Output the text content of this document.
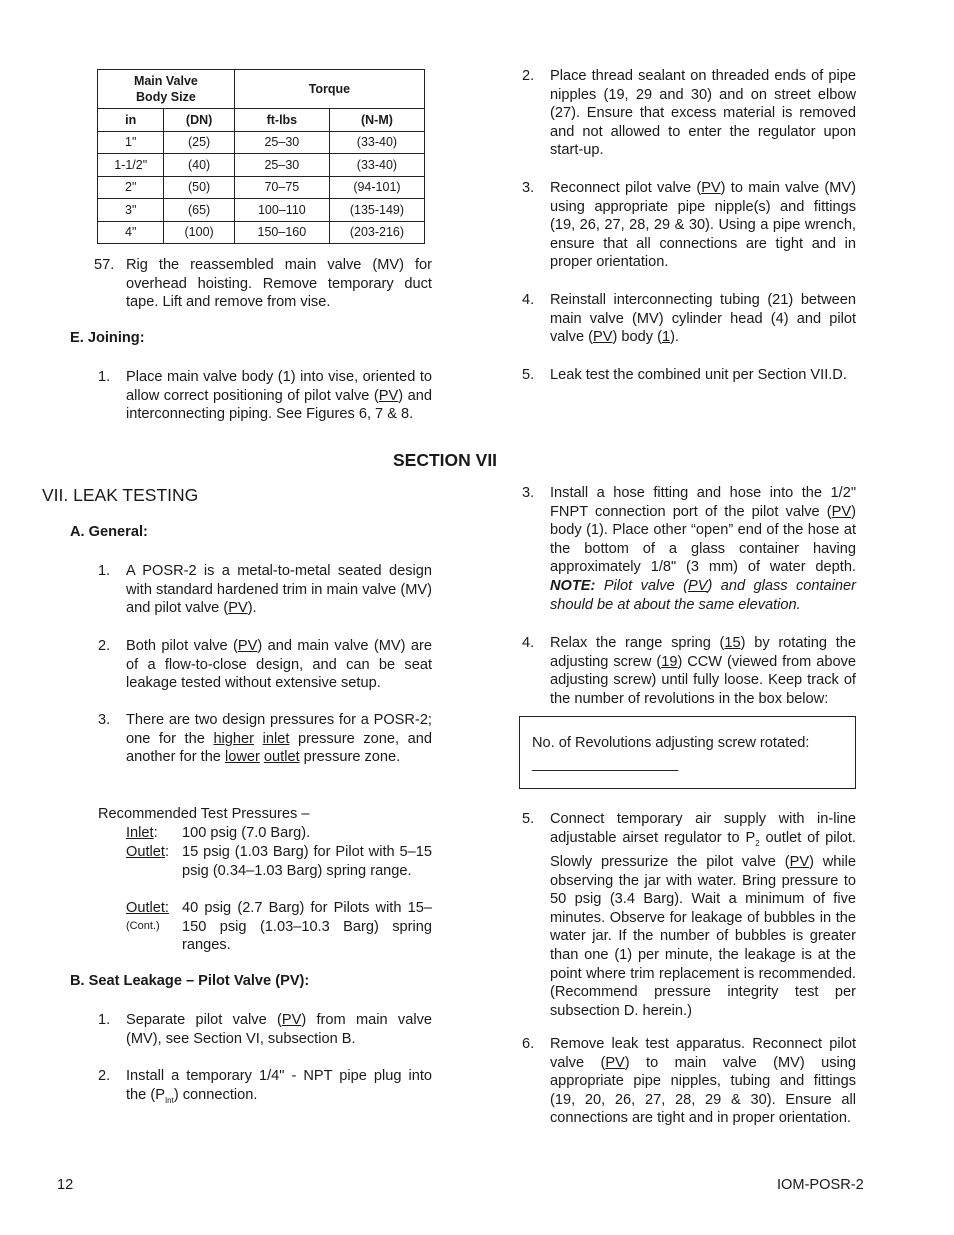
Main Valve
Body Size		Torque	
in	(DN)	ft-lbs	(N-M)
1"	(25)	25–30	(33-40)
1-1/2"	(40)	25–30	(33-40)
2"	(50)	70–75	(94-101)
3"	(65)	100–110	(135-149)
4"	(100)	150–160	(203-216)
57. Rig the reassembled main valve (MV) for overhead hoisting. Remove temporary duct tape. Lift and remove from vise.
E. Joining:
1. Place main valve body (1) into vise, oriented to allow correct positioning of pilot valve (PV) and interconnecting piping. See Figures 6, 7 & 8.
2. Place thread sealant on threaded ends of pipe nipples (19, 29 and 30) and on street elbow (27). Ensure that excess material is removed and not allowed to enter the regulator upon start-up.
3. Reconnect pilot valve (PV) to main valve (MV) using appropriate pipe nipple(s) and fittings (19, 26, 27, 28, 29 & 30). Using a pipe wrench, ensure that all connections are tight and in proper orientation.
4. Reinstall interconnecting tubing (21) between main valve (MV) cylinder head (4) and pilot valve (PV) body (1).
5. Leak test the combined unit per Section VII.D.
SECTION VII
VII. LEAK TESTING
A. General:
1. A POSR-2 is a metal-to-metal seated design with standard hardened trim in main valve (MV) and pilot valve (PV).
2. Both pilot valve (PV) and main valve (MV) are of a flow-to-close design, and can be seat leakage tested without extensive setup.
3. There are two design pressures for a POSR-2; one for the higher inlet pressure zone, and another for the lower outlet pressure zone.
Recommended Test Pressures –
Inlet: 100 psig (7.0 Barg).
Outlet: 15 psig (1.03 Barg) for Pilot with 5–15 psig (0.34–1.03 Barg) spring range.
Outlet:
(Cont.)
40 psig (2.7 Barg) for Pilots with 15–150 psig (1.03–10.3 Barg) spring ranges.
B. Seat Leakage – Pilot Valve (PV):
1. Separate pilot valve (PV) from main valve (MV), see Section VI, subsection B.
2. Install a temporary 1/4" - NPT pipe plug into the $(P_{Int})$ connection.
3. Install a hose fitting and hose into the 1/2" FNPT connection port of the pilot valve (PV) body (1). Place other “open” end of the hose at the bottom of a glass container having approximately 1/8" (3 mm) of water depth. NOTE: Pilot valve (PV) and glass container should be at about the same elevation.
4. Relax the range spring (15) by rotating the adjusting screw (19) CCW (viewed from above adjusting screw) until fully loose. Keep track of the number of revolutions in the box below:
No. of Revolutions adjusting screw rotated:
__________________
5. Connect temporary air supply with in-line adjustable airset regulator to $P_2$ outlet of pilot. Slowly pressurize the pilot valve (PV) while observing the jar with water. Bring pressure to 50 psig (3.4 Barg). Wait a minimum of five minutes. Observe for leakage of bubbles in the water jar. If the number of bubbles is greater than one (1) per minute, the leakage is at the point where trim replacement is recommended. (Recommend pressure integrity test per subsection D. herein.)
6. Remove leak test apparatus. Reconnect pilot valve (PV) to main valve (MV) using appropriate pipe nipples, tubing and fittings (19, 20, 26, 27, 28, 29 & 30). Ensure all connections are tight and in proper orientation.
12	IOM-POSR-2
